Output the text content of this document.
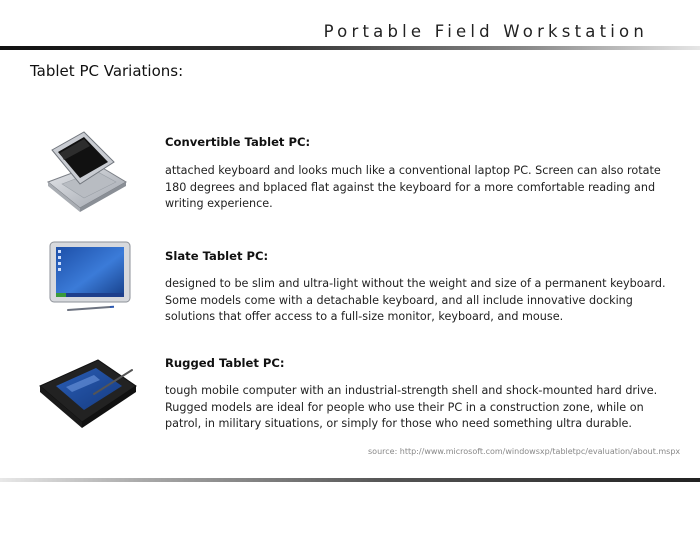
Portable Field Workstation
Tablet PC Variations:
Convertible Tablet PC:
attached keyboard and looks much like a conventional laptop PC. Screen can also rotate 180 degrees and bplaced flat against the keyboard for a more comfortable reading and writing experience.
Slate Tablet PC:
designed to be slim and ultra-light without the weight and size of a permanent keyboard. Some models come with a detachable keyboard, and all include innovative docking solutions that offer access to a full-size monitor, keyboard, and mouse.
Rugged Tablet PC:
tough mobile computer with an industrial-strength shell and shock-mounted hard drive. Rugged models are ideal for people who use their PC in a construction zone, while on patrol, in military situations, or simply for those who need something ultra durable.
source: http://www.microsoft.com/windowsxp/tabletpc/evaluation/about.mspx
